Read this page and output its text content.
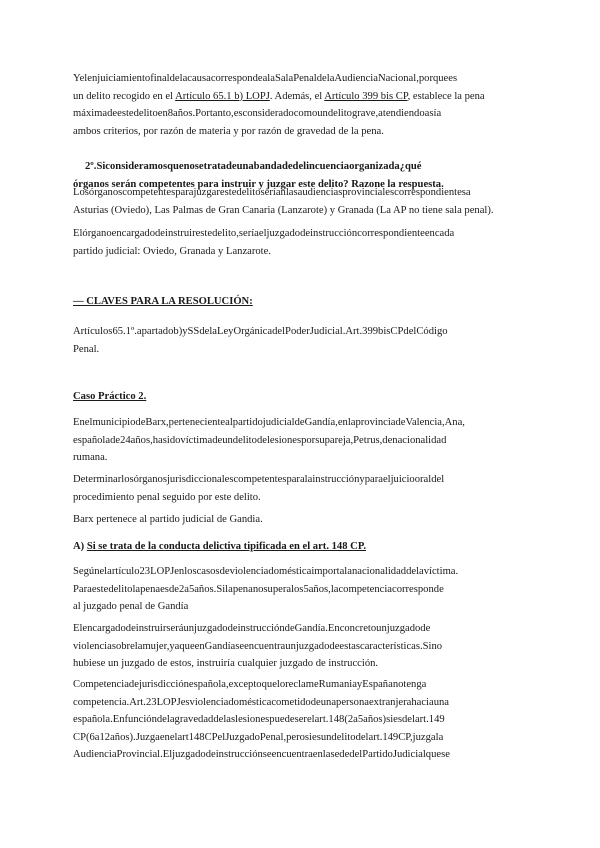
YelenjuiciamientofinaldelacausacorrespondealaSalaPenaldelaAudienciaNacional,porquees
un delito recogido en el Artículo 65.1 b) LOPJ. Además, el Artículo 399 bis CP, establece la pena
máximadeestedelitoen8años.Portanto,esconsideradocomoundelitograve,atendiendoasía
ambos criterios, por razón de materia y por razón de gravedad de la pena.
2º.Siconsideramosquenosetratadeunabandadedelincuenciaorganizada¿qué
órganos serán competentes para instruir y juzgar este delito? Razone la respuesta.
Losórganoscompetentesparajuzgarestedelitoseríanlasaudienciasprovincialescorrespondientesa
Asturias (Oviedo), Las Palmas de Gran Canaria (Lanzarote) y Granada (La AP no tiene sala penal).
Elórganoencargadodeinstruirestedelito,seríaeljuzgadodeinstruccióncorrespondienteencada
partido judicial: Oviedo, Granada y Lanzarote.
— CLAVES PARA LA RESOLUCIÓN:
Artículos65.1º.apartadob)ySSdelaLeyOrgánicadelPoderJudicial.Art.399bisCPdelCódigo
Penal.
Caso Práctico 2.
EnelmunicipiodeBarx,pertenecientealpartidojudicialdeGandía,enlaprovinciadeValencia,Ana,
españolade24años,hasidovíctimadeundelitodelesionesporsupareja,Petrus,denacionalidad
rumana.
Determinarlosórganosjurisdiccionalescompetentesparalainstrucciónyparaeljuiciooraldel
procedimiento penal seguido por este delito.
Barx pertenece al partido judicial de Gandia.
A) Si se trata de la conducta delictiva tipificada en el art. 148 CP.
Segúnelartículo23LOPJenloscasosdeviolenciadomésticaimportalanacionalidaddelavíctima.
Paraestedelitolapenaesde2a5años.Silapenanosuperalos5años,lacompetenciacorresponde
al juzgado penal de Gandía
ElencargadodeinstruirseráunjuzgadodeinstruccióndeGandía.Enconcretounjuzgadode
violenciasobrelamujer,yaqueenGandíaseencuentraunjuzgadodeestascaracterísticas.Sino
hubiese un juzgado de estos, instruiría cualquier juzgado de instrucción.
Competenciadejurisdicciónespañola,exceptoqueloreclameRumaniayEspañanotenga
competencia.Art.23LOPJesviolenciadomésticacometidodeunapersonaextranjerahaciauna
española.Enfuncióndelagravedaddelaslesionespuedeserelart.148(2a5años)siesdelart.149
CP(6a12años).Juzgaenelart148CPelJuzgadoPenal,perosiesundelitodelart.149CP,juzgala
AudienciaProvincial.EljuzgadodeinstrucciónseencuentraenlasededelPartidoJudicialquese
